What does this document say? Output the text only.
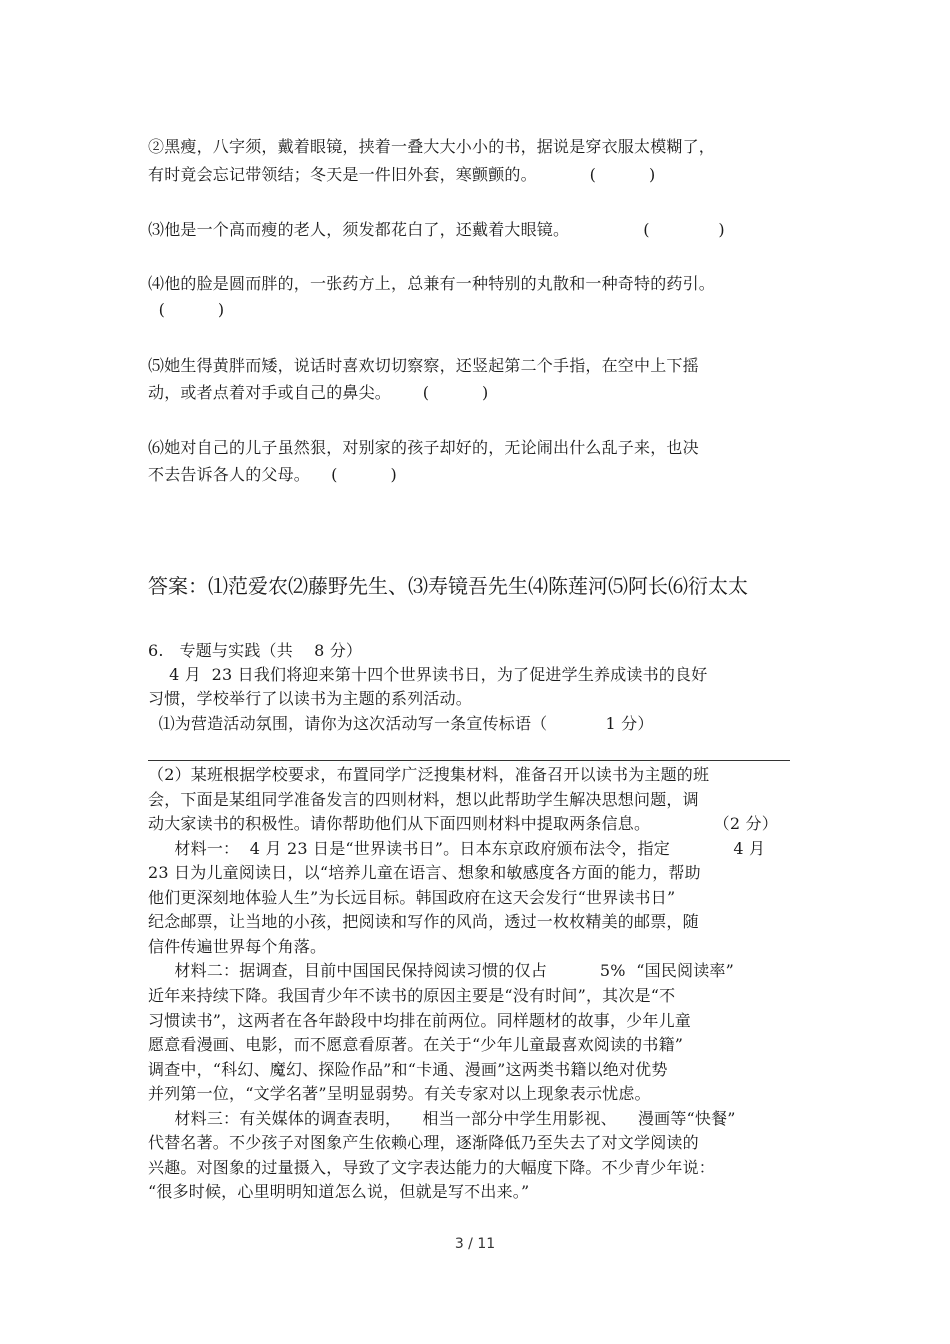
②黑瘦，八字须，戴着眼镜，挟着一叠大大小小的书，据说是穿衣服太模糊了，
有时竟会忘记带领结；冬天是一件旧外套，寒颤颤的。          (          )
⑶他是一个高而瘦的老人，须发都花白了，还戴着大眼镜。              (             )
⑷他的脸是圆而胖的，一张药方上，总兼有一种特别的丸散和一种奇特的药引。
(          )
⑸她生得黄胖而矮，说话时喜欢切切察察，还竖起第二个手指，在空中上下摇
动，或者点着对手或自己的鼻尖。      (          )
⑹她对自己的儿子虽然狠，对别家的孩子却好的，无论闹出什么乱子来，也决
不去告诉各人的父母。    (          )
答案：⑴范爱农⑵藤野先生、⑶寿镜吾先生⑷陈莲河⑸阿长⑹衍太太
6.   专题与实践（共    8 分）
4 月  23 日我们将迎来第十四个世界读书日，为了促进学生养成读书的良好
习惯，学校举行了以读书为主题的系列活动。
⑴为营造活动氛围，请你为这次活动写一条宣传标语（           1 分）
（2）某班根据学校要求，布置同学广泛搜集材料，准备召开以读书为主题的班
会，下面是某组同学准备发言的四则材料，想以此帮助学生解决思想问题，调
动大家读书的积极性。请你帮助他们从下面四则材料中提取两条信息。            （2 分）
材料一：  4 月 23 日是“世界读书日”。日本东京政府颁布法令，指定            4 月
23 日为儿童阅读日，以“培养儿童在语言、想象和敏感度各方面的能力，帮助
他们更深刻地体验人生”为长远目标。韩国政府在这天会发行“世界读书日”
纪念邮票，让当地的小孩，把阅读和写作的风尚，透过一枚枚精美的邮票，随
信件传遍世界每个角落。
材料二：据调查，目前中国国民保持阅读习惯的仅占          5%  “国民阅读率”
近年来持续下降。我国青少年不读书的原因主要是“没有时间”，其次是“不
习惯读书”，这两者在各年龄段中均排在前两位。同样题材的故事，少年儿童
愿意看漫画、电影，而不愿意看原著。在关于“少年儿童最喜欢阅读的书籍”
调查中，“科幻、魔幻、探险作品”和“卡通、漫画”这两类书籍以绝对优势
并列第一位，“文学名著”呈明显弱势。有关专家对以上现象表示忧虑。
材料三：有关媒体的调查表明，    相当一部分中学生用影视、    漫画等“快餐”
代替名著。不少孩子对图象产生依赖心理，逐渐降低乃至失去了对文学阅读的
兴趣。对图象的过量摄入，导致了文字表达能力的大幅度下降。不少青少年说：
“很多时候，心里明明知道怎么说，但就是写不出来。”
3 / 11
